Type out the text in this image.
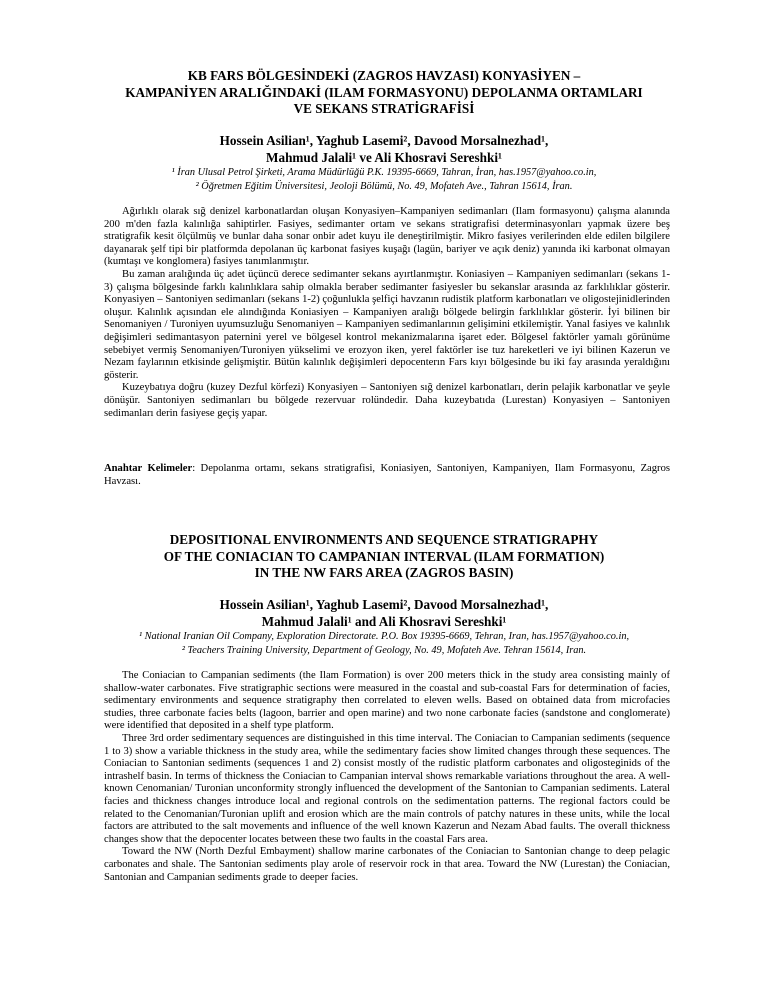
KB FARS BÖLGESİNDEKİ (ZAGROS HAVZASI) KONYASİYEN –
KAMPANİYEN ARALIĞINDAKİ (ILAM FORMASYONU) DEPOLANMA ORTAMLARI
VE SEKANS STRATİGRAFİSİ
Hossein Asilian¹, Yaghub Lasemi², Davood Morsalnezhad¹,
Mahmud Jalali¹ ve Ali Khosravi Sereshki¹
¹ İran Ulusal Petrol Şirketi, Arama Müdürlüğü P.K. 19395-6669, Tahran, İran, has.1957@yahoo.co.in,
² Öğretmen Eğitim Üniversitesi, Jeoloji Bölümü, No. 49, Mofateh Ave., Tahran 15614, İran.

Ağırlıklı olarak sığ denizel karbonatlardan oluşan Konyasiyen–Kampaniyen sedimanları (Ilam formasyonu) çalışma alanında 200 m'den fazla kalınlığa sahiptirler. Fasiyes, sedimanter ortam ve sekans stratigrafisi determinasyonları yapmak üzere beş stratigrafik kesit ölçülmüş ve bunlar daha sonar onbir adet kuyu ile deneştirilmiştir. Mikro fasiyes verilerinden elde edilen bilgilere dayanarak şelf tipi bir platformda depolanan üç karbonat fasiyes kuşağı (lagün, bariyer ve açık deniz) yanında iki karbonat olmayan (kumtaşı ve konglomera) fasiyes tanımlanmıştır.

Bu zaman aralığında üç adet üçüncü derece sedimanter sekans ayırtlanmıştır. Koniasiyen – Kampaniyen sedimanları (sekans 1-3) çalışma bölgesinde farklı kalınlıklara sahip olmakla beraber sedimanter fasiyesler bu sekanslar arasında az farklılıklar gösterir. Konyasiyen – Santoniyen sedimanları (sekans 1-2) çoğunlukla şelfiçi havzanın rudistik platform karbonatları ve oligostejinidlerinden oluşur. Kalınlık açısından ele alındığında Koniasiyen – Kampaniyen aralığı bölgede belirgin farklılıklar gösterir. İyi bilinen bir Senomaniyen / Turoniyen uyumsuzluğu Senomaniyen – Kampaniyen sedimanlarının gelişimini etkilemiştir. Yanal fasiyes ve kalınlık değişimleri sedimantasyon paternini yerel ve bölgesel kontrol mekanizmalarına işaret eder. Bölgesel faktörler yamalı görünüme sebebiyet vermiş Senomaniyen/Turoniyen yükselimi ve erozyon iken, yerel faktörler ise tuz hareketleri ve iyi bilinen Kazerun ve Nezam faylarının etkisinde gelişmiştir. Bütün kalınlık değişimleri depocenterın Fars kıyı bölgesinde bu iki fay arasında yeraldığını gösterir.

Kuzeybatıya doğru (kuzey Dezful körfezi) Konyasiyen – Santoniyen sığ denizel karbonatları, derin pelajik karbonatlar ve şeyle dönüşür. Santoniyen sedimanları bu bölgede rezervuar rolündedir. Daha kuzeybatıda (Lurestan) Konyasiyen – Santoniyen sedimanları derin fasiyese geçiş yapar.

Anahtar Kelimeler: Depolanma ortamı, sekans stratigrafisi, Koniasiyen, Santoniyen, Kampaniyen, Ilam Formasyonu, Zagros Havzası.
DEPOSITIONAL ENVIRONMENTS AND SEQUENCE STRATIGRAPHY
OF THE CONIACIAN TO CAMPANIAN INTERVAL (ILAM FORMATION)
IN THE NW FARS AREA (ZAGROS BASIN)
Hossein Asilian¹, Yaghub Lasemi², Davood Morsalnezhad¹,
Mahmud Jalali¹ and Ali Khosravi Sereshki¹
¹ National Iranian Oil Company, Exploration Directorate. P.O. Box 19395-6669, Tehran, Iran, has.1957@yahoo.co.in,
² Teachers Training University, Department of Geology, No. 49, Mofateh Ave. Tehran 15614, Iran.

The Coniacian to Campanian sediments (the Ilam Formation) is over 200 meters thick in the study area consisting mainly of shallow-water carbonates. Five stratigraphic sections were measured in the coastal and sub-coastal Fars for determination of facies, sedimentary environments and sequence stratigraphy then correlated to eleven wells. Based on obtained data from microfacies studies, three carbonate facies belts (lagoon, barrier and open marine) and two none carbonate facies (sandstone and conglomerate) were identified that deposited in a shelf type platform.

Three 3rd order sedimentary sequences are distinguished in this time interval. The Coniacian to Campanian sediments (sequence 1 to 3) show a variable thickness in the study area, while the sedimentary facies show limited changes through these sequences. The Coniacian to Santonian sediments (sequences 1 and 2) consist mostly of the rudistic platform carbonates and oligosteginids of the intrashelf basin. In terms of thickness the Coniacian to Campanian interval shows remarkable variations throughout the area. A well-known Cenomanian/ Turonian unconformity strongly influenced the development of the Santonian to Campanian sediments. Lateral facies and thickness changes introduce local and regional controls on the sedimentation patterns. The regional factors could be related to the Cenomanian/Turonian uplift and erosion which are the main controls of patchy natures in these units, while the local factors are attributed to the salt movements and influence of the well known Kazerun and Nezam Abad faults. The overall thickness changes show that the depocenter locates between these two faults in the coastal Fars area.

Toward the NW (North Dezful Embayment) shallow marine carbonates of the Coniacian to Santonian change to deep pelagic carbonates and shale. The Santonian sediments play arole of reservoir rock in that area. Toward the NW (Lurestan) the Coniacian, Santonian and Campanian sediments grade to deeper facies.
